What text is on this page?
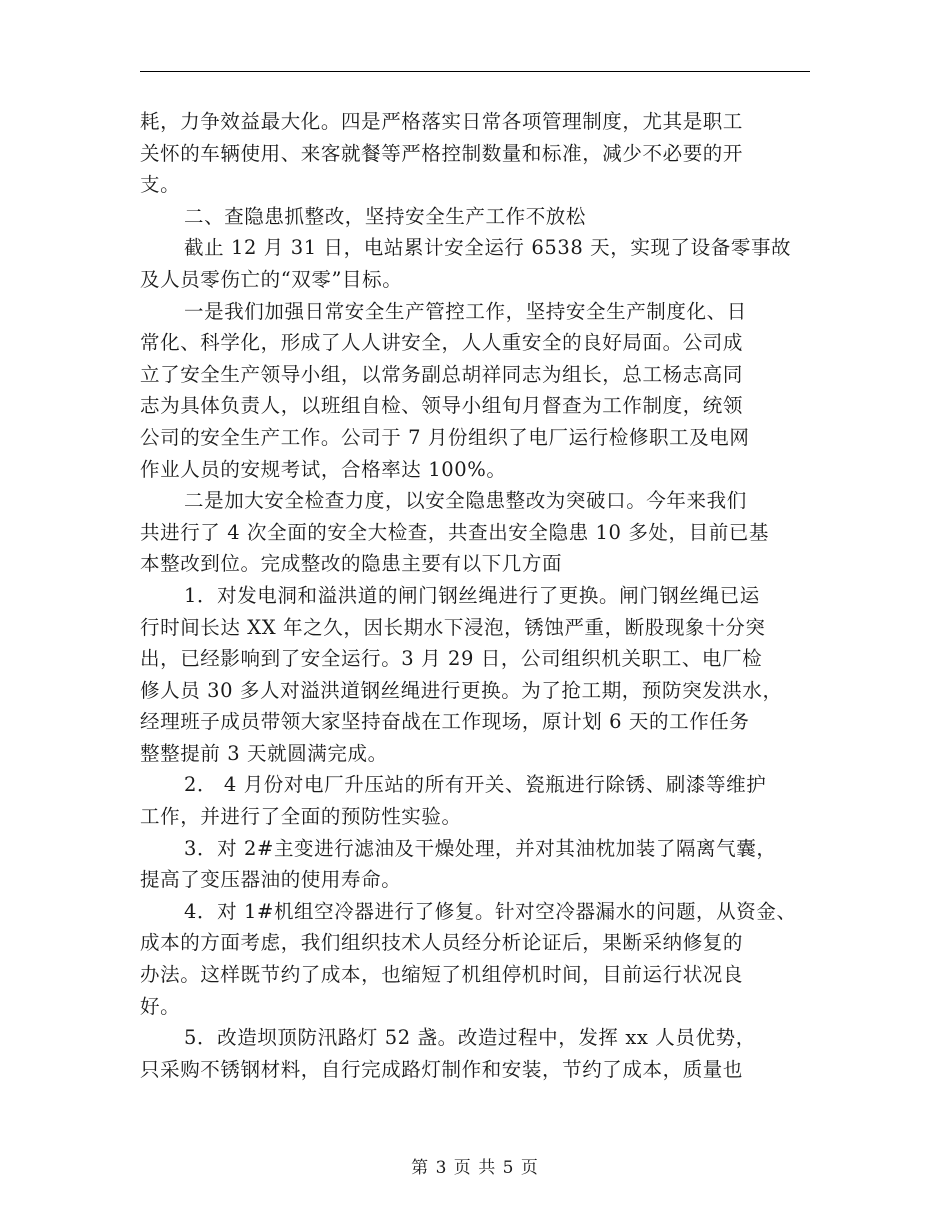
耗，力争效益最大化。四是严格落实日常各项管理制度，尤其是职工
关怀的车辆使用、来客就餐等严格控制数量和标准，减少不必要的开
支。
二、查隐患抓整改，坚持安全生产工作不放松
截止 12 月 31 日，电站累计安全运行 6538 天，实现了设备零事故
及人员零伤亡的“双零”目标。
一是我们加强日常安全生产管控工作，坚持安全生产制度化、日
常化、科学化，形成了人人讲安全，人人重安全的良好局面。公司成
立了安全生产领导小组，以常务副总胡祥同志为组长，总工杨志高同
志为具体负责人，以班组自检、领导小组旬月督查为工作制度，统领
公司的安全生产工作。公司于 7 月份组织了电厂运行检修职工及电网
作业人员的安规考试，合格率达 100%。
二是加大安全检查力度，以安全隐患整改为突破口。今年来我们
共进行了 4 次全面的安全大检查，共查出安全隐患 10 多处，目前已基
本整改到位。完成整改的隐患主要有以下几方面
1．对发电洞和溢洪道的闸门钢丝绳进行了更换。闸门钢丝绳已运
行时间长达 XX 年之久，因长期水下浸泡，锈蚀严重，断股现象十分突
出，已经影响到了安全运行。3 月 29 日，公司组织机关职工、电厂检
修人员 30 多人对溢洪道钢丝绳进行更换。为了抢工期，预防突发洪水，
经理班子成员带领大家坚持奋战在工作现场，原计划 6 天的工作任务
整整提前 3 天就圆满完成。
2． 4 月份对电厂升压站的所有开关、瓷瓶进行除锈、刷漆等维护
工作，并进行了全面的预防性实验。
3．对 2#主变进行滤油及干燥处理，并对其油枕加装了隔离气囊，
提高了变压器油的使用寿命。
4．对 1#机组空冷器进行了修复。针对空冷器漏水的问题，从资金、
成本的方面考虑，我们组织技术人员经分析论证后，果断采纳修复的
办法。这样既节约了成本，也缩短了机组停机时间，目前运行状况良
好。
5．改造坝顶防汛路灯 52 盏。改造过程中，发挥 xx 人员优势，
只采购不锈钢材料，自行完成路灯制作和安装，节约了成本，质量也

第 3 页 共 5 页
